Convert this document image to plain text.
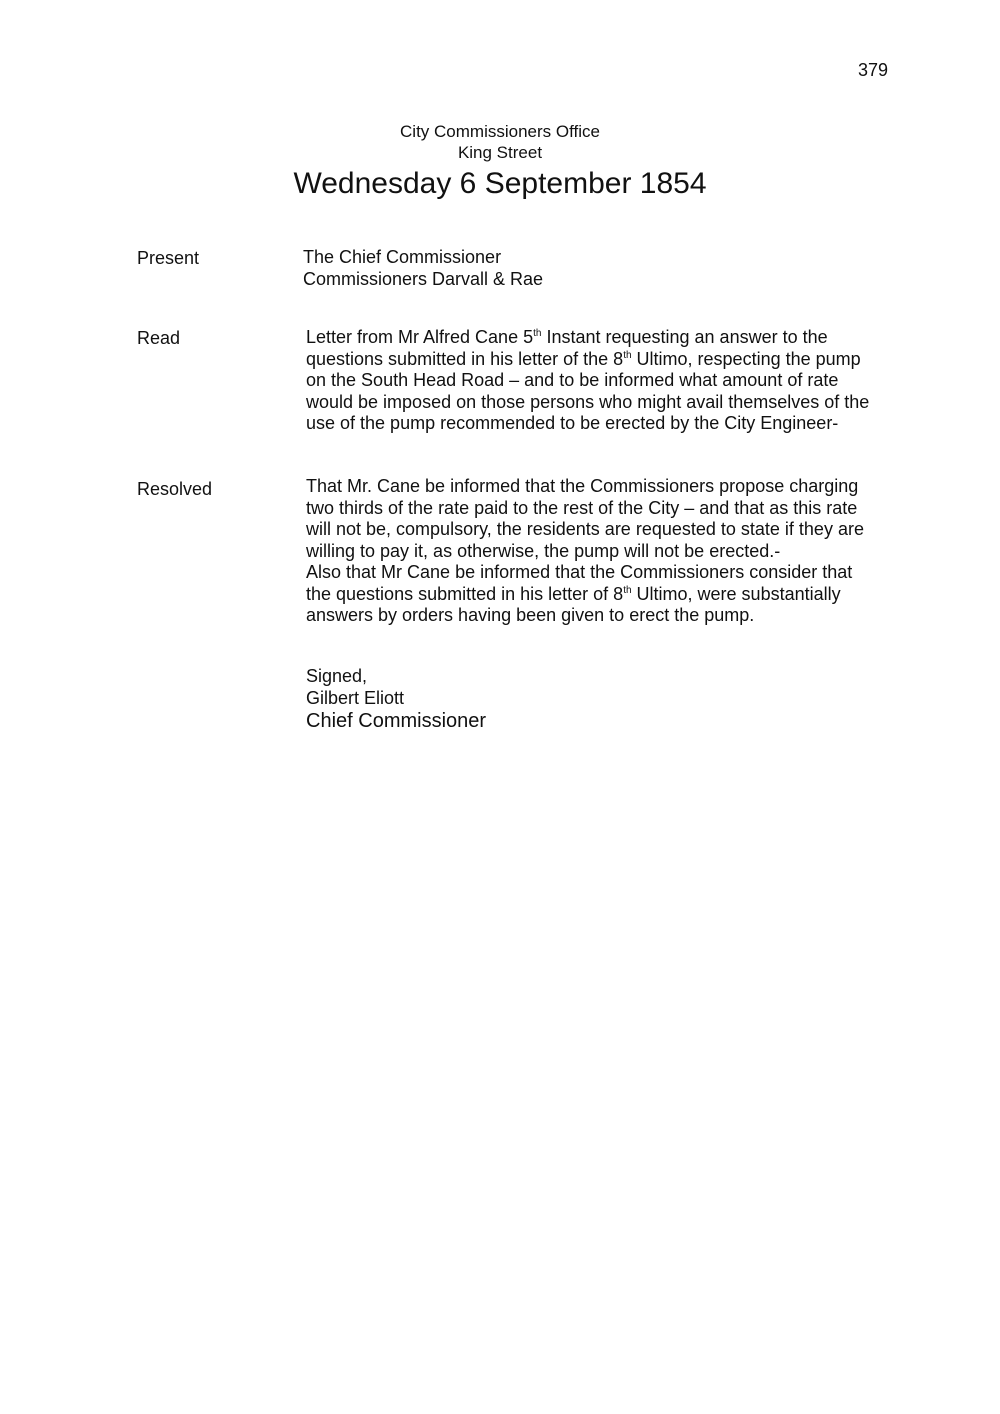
379
City Commissioners Office
King Street
Wednesday 6 September 1854
Present	The Chief Commissioner
Commissioners Darvall & Rae
Read	Letter from Mr Alfred Cane 5th Instant requesting an answer to the
questions submitted in his letter of the 8th Ultimo, respecting the pump
on the South Head Road – and to be informed what amount of rate
would be imposed on those persons who might avail themselves of the
use of the pump recommended to be erected by the City Engineer-
Resolved	That Mr. Cane be informed that the Commissioners propose charging
two thirds of the rate paid to the rest of the City – and that as this rate
will not be, compulsory, the residents are requested to state if they are
willing to pay it, as otherwise, the pump will not be erected.-
Also that Mr Cane be informed that the Commissioners consider that
the questions submitted in his letter of 8th Ultimo, were substantially
answers by orders having been given to erect the pump.
Signed,
Gilbert Eliott
Chief Commissioner
